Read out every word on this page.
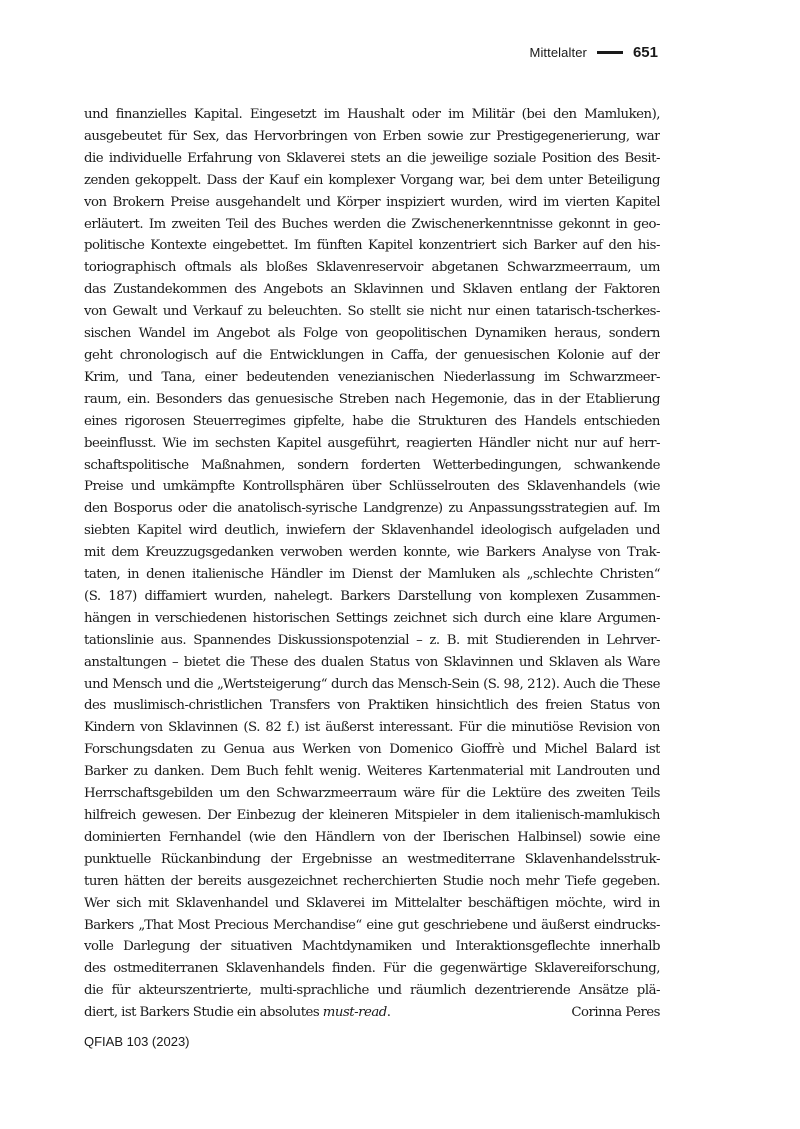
Mittelalter	651
und finanzielles Kapital. Eingesetzt im Haushalt oder im Militär (bei den Mamluken),
ausgebeutet für Sex, das Hervorbringen von Erben sowie zur Prestigegenerierung, war
die individuelle Erfahrung von Sklaverei stets an die jeweilige soziale Position des Besit-
zenden gekoppelt. Dass der Kauf ein komplexer Vorgang war, bei dem unter Beteiligung
von Brokern Preise ausgehandelt und Körper inspiziert wurden, wird im vierten Kapitel
erläutert. Im zweiten Teil des Buches werden die Zwischenerkenntnisse gekonnt in geo-
politische Kontexte eingebettet. Im fünften Kapitel konzentriert sich Barker auf den his-
toriographisch oftmals als bloßes Sklavenreservoir abgetanen Schwarzmeerraum, um
das Zustandekommen des Angebots an Sklavinnen und Sklaven entlang der Faktoren
von Gewalt und Verkauf zu beleuchten. So stellt sie nicht nur einen tatarisch-tscherkes-
sischen Wandel im Angebot als Folge von geopolitischen Dynamiken heraus, sondern
geht chronologisch auf die Entwicklungen in Caffa, der genuesischen Kolonie auf der
Krim, und Tana, einer bedeutenden venezianischen Niederlassung im Schwarzmeer-
raum, ein. Besonders das genuesische Streben nach Hegemonie, das in der Etablierung
eines rigorosen Steuerregimes gipfelte, habe die Strukturen des Handels entschieden
beeinflusst. Wie im sechsten Kapitel ausgeführt, reagierten Händler nicht nur auf herr-
schaftspolitische Maßnahmen, sondern forderten Wetterbedingungen, schwankende
Preise und umkämpfte Kontrollsphären über Schlüsselrouten des Sklavenhandels (wie
den Bosporus oder die anatolisch-syrische Landgrenze) zu Anpassungsstrategien auf. Im
siebten Kapitel wird deutlich, inwiefern der Sklavenhandel ideologisch aufgeladen und
mit dem Kreuzzugsgedanken verwoben werden konnte, wie Barkers Analyse von Trak-
taten, in denen italienische Händler im Dienst der Mamluken als „schlechte Christen“
(S. 187) diffamiert wurden, nahelegt. Barkers Darstellung von komplexen Zusammen-
hängen in verschiedenen historischen Settings zeichnet sich durch eine klare Argumen-
tationslinie aus. Spannendes Diskussionspotenzial – z. B. mit Studierenden in Lehrver-
anstaltungen – bietet die These des dualen Status von Sklavinnen und Sklaven als Ware
und Mensch und die „Wertsteigerung“ durch das Mensch-Sein (S. 98, 212). Auch die These
des muslimisch-christlichen Transfers von Praktiken hinsichtlich des freien Status von
Kindern von Sklavinnen (S. 82 f.) ist äußerst interessant. Für die minutiöse Revision von
Forschungsdaten zu Genua aus Werken von Domenico Gioffrè und Michel Balard ist
Barker zu danken. Dem Buch fehlt wenig. Weiteres Kartenmaterial mit Landrouten und
Herrschaftsgebilden um den Schwarzmeerraum wäre für die Lektüre des zweiten Teils
hilfreich gewesen. Der Einbezug der kleineren Mitspieler in dem italienisch-mamlukisch
dominierten Fernhandel (wie den Händlern von der Iberischen Halbinsel) sowie eine
punktuelle Rückanbindung der Ergebnisse an westmediterrane Sklavenhandelsstruk-
turen hätten der bereits ausgezeichnet recherchierten Studie noch mehr Tiefe gegeben.
Wer sich mit Sklavenhandel und Sklaverei im Mittelalter beschäftigen möchte, wird in
Barkers „That Most Precious Merchandise“ eine gut geschriebene und äußerst eindrucks-
volle Darlegung der situativen Machtdynamiken und Interaktionsgeflechte innerhalb
des ostmediterranen Sklavenhandels finden. Für die gegenwärtige Sklavereiforschung,
die für akteurszentrierte, multi-sprachliche und räumlich dezentrierende Ansätze plä-
diert, ist Barkers Studie ein absolutes must-read.	Corinna Peres
QFIAB 103 (2023)
